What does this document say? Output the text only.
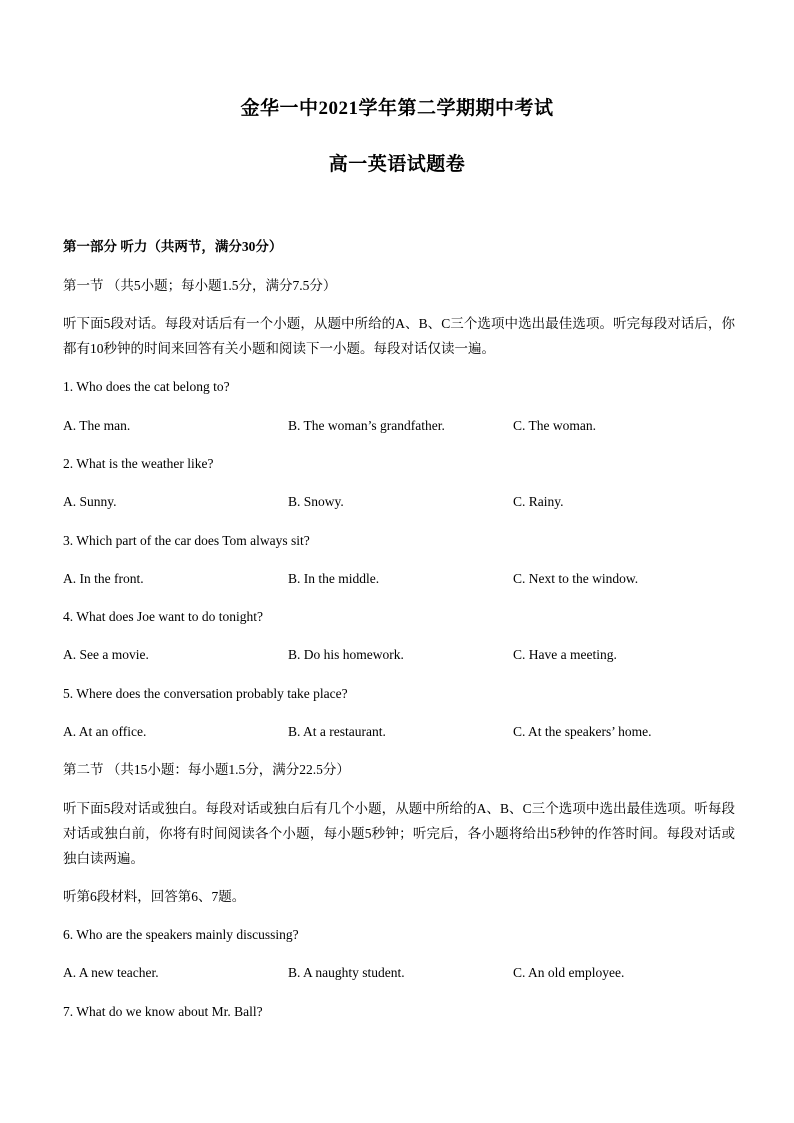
金华一中2021学年第二学期期中考试
高一英语试题卷
第一部分 听力（共两节，满分30分）
第一节 （共5小题；每小题1.5分，满分7.5分）
听下面5段对话。每段对话后有一个小题，从题中所给的A、B、C三个选项中选出最佳选项。听完每段对话后，你都有10秒钟的时间来回答有关小题和阅读下一小题。每段对话仅读一遍。
1. Who does the cat belong to?
A. The man.	B. The woman’s grandfather.	C. The woman.
2. What is the weather like?
A. Sunny.	B. Snowy.	C. Rainy.
3. Which part of the car does Tom always sit?
A. In the front.	B. In the middle.	C. Next to the window.
4. What does Joe want to do tonight?
A. See a movie.	B. Do his homework.	C. Have a meeting.
5. Where does the conversation probably take place?
A. At an office.	B. At a restaurant.	C. At the speakers’ home.
第二节 （共15小题：每小题1.5分，满分22.5分）
听下面5段对话或独白。每段对话或独白后有几个小题，从题中所给的A、B、C三个选项中选出最佳选项。听每段对话或独白前，你将有时间阅读各个小题，每小题5秒钟；听完后，各小题将给出5秒钟的作答时间。每段对话或独白读两遍。
听第6段材料，回答第6、7题。
6. Who are the speakers mainly discussing?
A. A new teacher.	B. A naughty student.	C. An old employee.
7. What do we know about Mr. Ball?
